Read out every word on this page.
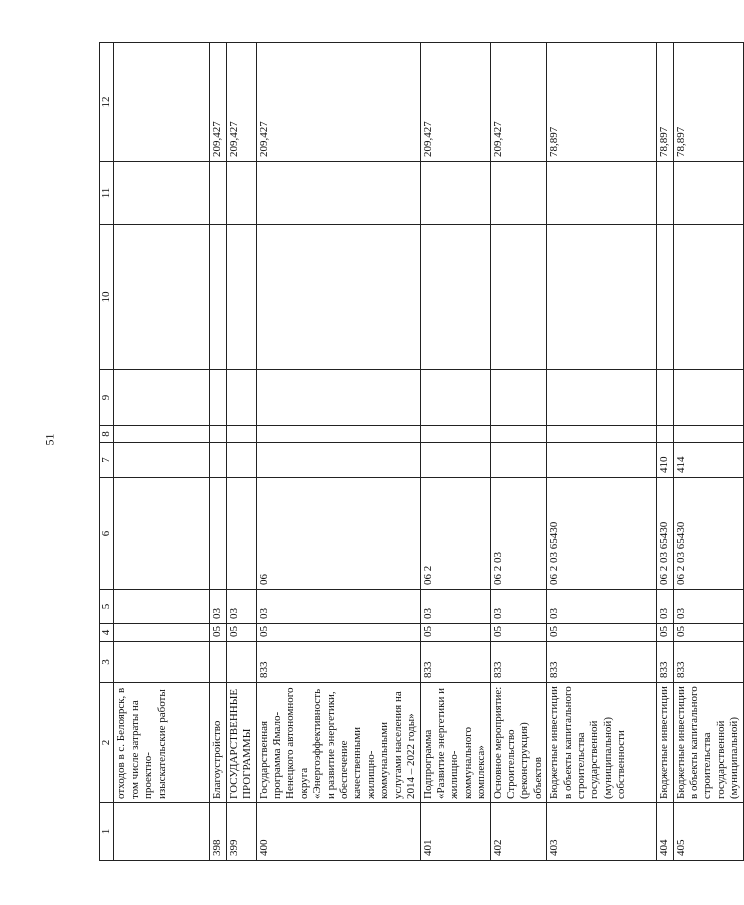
51
1	2	3	4	5	6	7	8	9	10	11	12
	отходов в с. Белоярск, в том числе затраты на проектно-изыскательские работы										
398	Благоустройство		05	03							209,427
399	ГОСУДАРСТВЕННЫЕ ПРОГРАММЫ		05	03							209,427
400	Государственная программа Ямало-Ненецкого автономного округа «Энергоэффективность и развитие энергетики, обеспечение качественными жилищно-коммунальными услугами населения на 2014 – 2022 годы»	833	05	03	06						209,427
401	Подпрограмма «Развитие энергетики и жилищно-коммунального комплекса»	833	05	03	06 2						209,427
402	Основное мероприятие: Строительство (реконструкция) объектов	833	05	03	06 2 03						209,427
403	Бюджетные инвестиции в объекты капитального строительства государственной (муниципальной) собственности	833	05	03	06 2 03 65430						78,897
404	Бюджетные инвестиции	833	05	03	06 2 03 65430	410					78,897
405	Бюджетные инвестиции в объекты капитального строительства государственной (муниципальной)	833	05	03	06 2 03 65430	414					78,897
